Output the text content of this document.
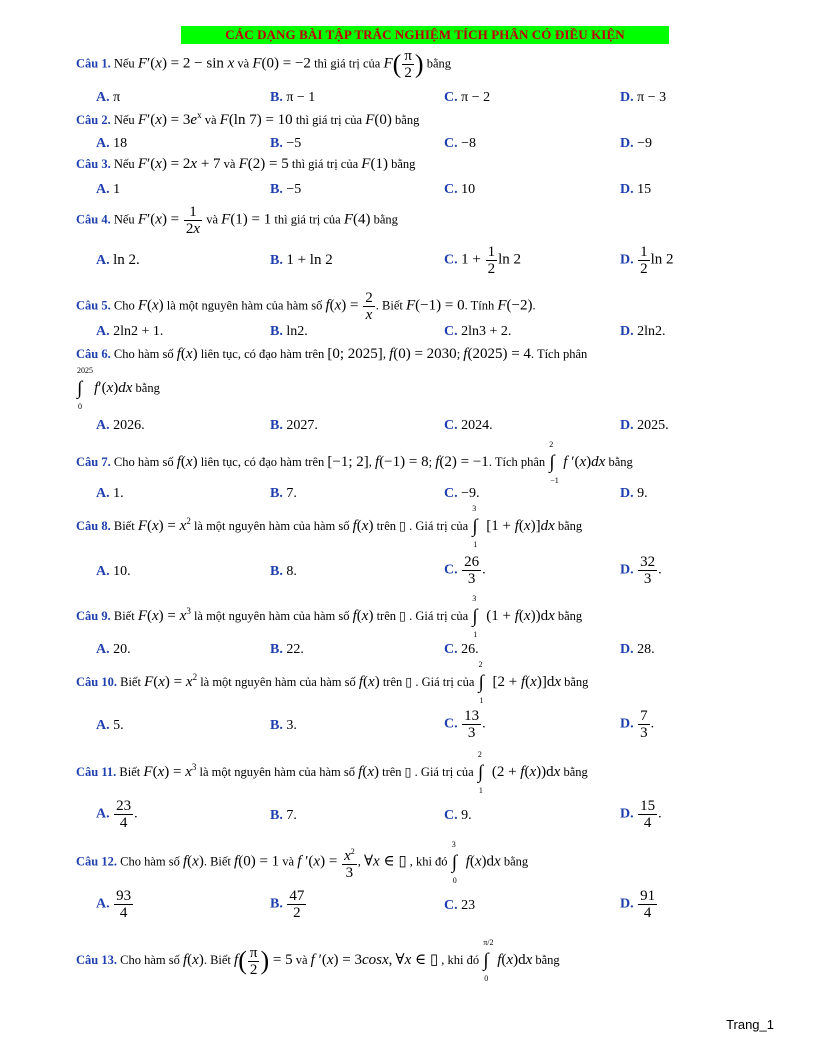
CÁC DẠNG BÀI TẬP TRẮC NGHIỆM TÍCH PHÂN CÓ ĐIỀU KIỆN
Câu 1. Nếu F′(x) = 2 − sin x và F(0) = −2 thì giá trị của $F( \frac{\pi}{2}$ ) bằng
A. π	B. π − 1	C. π − 2	D. π − 3
Câu 2. Nếu $F'(x) = 3e^x$ và F(ln 7) = 10 thì giá trị của F(0) bằng
A. 18	B. −5	C. −8	D. −9
Câu 3. Nếu F′(x) = 2x + 7 và F(2) = 5 thì giá trị của F(1) bằng
A. 1	B. −5	C. 10	D. 15
Câu 4. Nếu $F'(x) = \frac{1}{2x}$ và F(1) = 1 thì giá trị của F(4) bằng
A. ln 2.	B. 1 + ln 2	C. $1 + \frac{1}{2}$ ln 2	D. $\frac{1}{2}$ ln 2
Câu 5. Cho F(x) là một nguyên hàm của hàm số $f(x) = \frac{2}{x}$ . Biết F(−1) = 0. Tính F(−2).
A. 2ln2 + 1.	B. ln2.	C. 2ln3 + 2.	D. 2ln2.
Câu 6. Cho hàm số f(x) liên tục, có đạo hàm trên [0; 2025], f(0) = 2030; f(2025) = 4. Tích phân
2025
∫
0
f′(x)dx bằng
A. 2026.	B. 2027.	C. 2024.	D. 2025.
Câu 7. Cho hàm số f(x) liên tục, có đạo hàm trên [−1; 2], f(−1) = 8; f(2) = −1. Tích phân
2
∫
−1
f ′(x)dx bằng
A. 1.	B. 7.	C. −9.	D. 9.
Câu 8. Biết $F(x) = x^2$ là một nguyên hàm của hàm số f(x) trên ▯ . Giá trị của
3
∫
1
[1 + f(x)]dx bằng
A. 10.	B. 8.	C. $\frac{26}{3}$ .	D. $\frac{32}{3}$ .
Câu 9. Biết $F(x) = x^3$ là một nguyên hàm của hàm số f(x) trên ▯ . Giá trị của
3
∫
1
(1 + f(x))dx bằng
A. 20.	B. 22.	C. 26.	D. 28.
Câu 10. Biết $F(x) = x^2$ là một nguyên hàm của hàm số f(x) trên ▯ . Giá trị của
2
∫
1
[2 + f(x)]dx bằng
A. 5.	B. 3.	C. $\frac{13}{3}$ .	D. $\frac{7}{3}$ .
Câu 11. Biết $F(x) = x^3$ là một nguyên hàm của hàm số f(x) trên ▯ . Giá trị của
2
∫
1
(2 + f(x))dx bằng
A. $\frac{23}{4}$ .	B. 7.	C. 9.	D. $\frac{15}{4}$ .
Câu 12. Cho hàm số f(x). Biết f(0) = 1 và f $'(x) = \frac{x^2}{3}$ , ∀x ∈ ▯ , khi đó
3
∫
0
f(x)dx bằng
A. $\frac{93}{4}$	B. $\frac{47}{2}$	C. 23	D. $\frac{91}{4}$
Câu 13. Cho hàm số f(x). Biết $f( \frac{\pi}{2}$ ) = 5 và f ′(x) = 3cosx, ∀x ∈ ▯ , khi đó
π/2
∫
0
f(x)dx bằng
Trang_1
